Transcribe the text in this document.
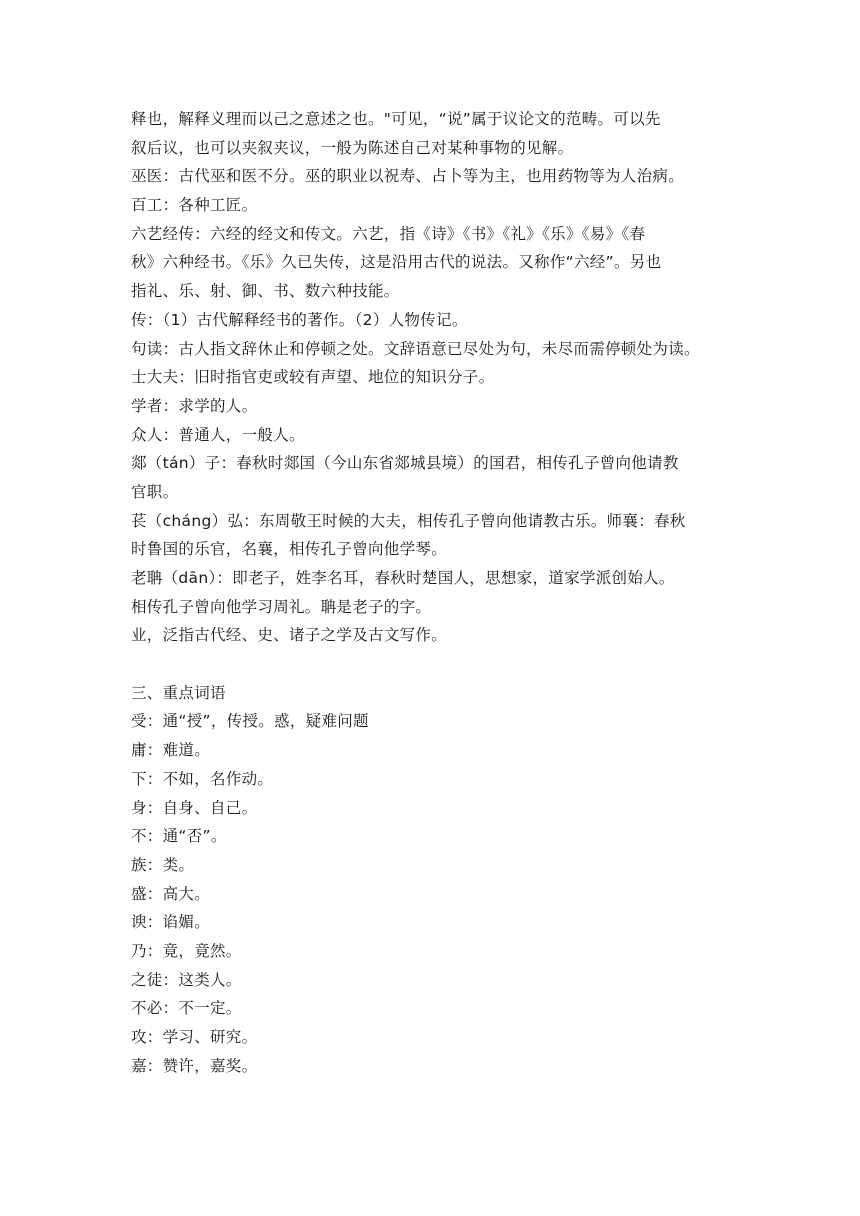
释也，解释义理而以己之意述之也。"可见，“说”属于议论文的范畴。可以先
叙后议，也可以夹叙夹议，一般为陈述自己对某种事物的见解。
巫医：古代巫和医不分。巫的职业以祝寿、占卜等为主，也用药物等为人治病。
百工：各种工匠。
六艺经传：六经的经文和传文。六艺，指《诗》《书》《礼》《乐》《易》《春
秋》六种经书。《乐》久已失传，这是沿用古代的说法。又称作“六经”。另也
指礼、乐、射、御、书、数六种技能。
传：（1）古代解释经书的著作。（2）人物传记。
句读：古人指文辞休止和停顿之处。文辞语意已尽处为句，未尽而需停顿处为读。
士大夫：旧时指官吏或较有声望、地位的知识分子。
学者：求学的人。
众人：普通人，一般人。
郯（tán）子：春秋时郯国（今山东省郯城县境）的国君，相传孔子曾向他请教
官职。
苌（cháng）弘：东周敬王时候的大夫，相传孔子曾向他请教古乐。师襄：春秋
时鲁国的乐官，名襄，相传孔子曾向他学琴。
老聃（dān）：即老子，姓李名耳，春秋时楚国人，思想家，道家学派创始人。
相传孔子曾向他学习周礼。聃是老子的字。
业，泛指古代经、史、诸子之学及古文写作。
三、重点词语
受：通“授”，传授。惑，疑难问题
庸：难道。
下：不如，名作动。
身：自身、自己。
不：通“否”。
族：类。
盛：高大。
谀：谄媚。
乃：竟，竟然。
之徒：这类人。
不必：不一定。
攻：学习、研究。
嘉：赞许，嘉奖。
